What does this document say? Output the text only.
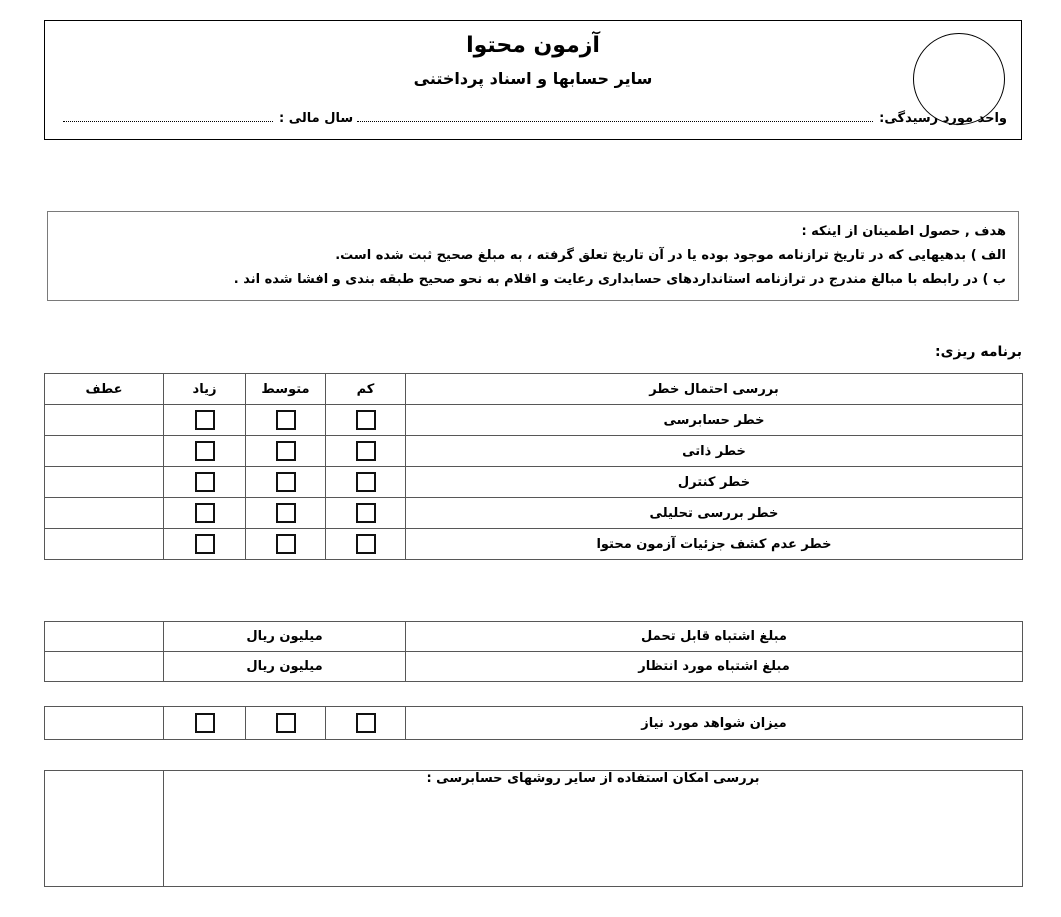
آزمون محتوا
سایر حسابها و اسناد پرداختنی
واحد مورد رسیدگی:
سال مالی :
هدف , حصول اطمینان از اینکه :
الف ) بدهیهایی که در تاریخ ترازنامه موجود بوده یا در آن تاریخ تعلق گرفته ، به مبلغ صحیح ثبت شده است.
ب ) در رابطه با مبالغ مندرج در ترازنامه استانداردهای حسابداری رعایت و اقلام به نحو صحیح طبقه بندی و افشا شده اند .
برنامه ریزی:
بررسی احتمال خطر	کم	متوسط	زیاد	عطف
خطر حسابرسی				
خطر ذاتی				
خطر کنترل				
خطر بررسی تحلیلی				
خطر عدم کشف جزئیات آزمون محتوا				
مبلغ اشتباه قابل تحمل	میلیون ریال	
مبلغ اشتباه مورد انتظار	میلیون ریال	
میزان شواهد مورد نیاز				
بررسی امکان استفاده از سایر روشهای حسابرسی :	
